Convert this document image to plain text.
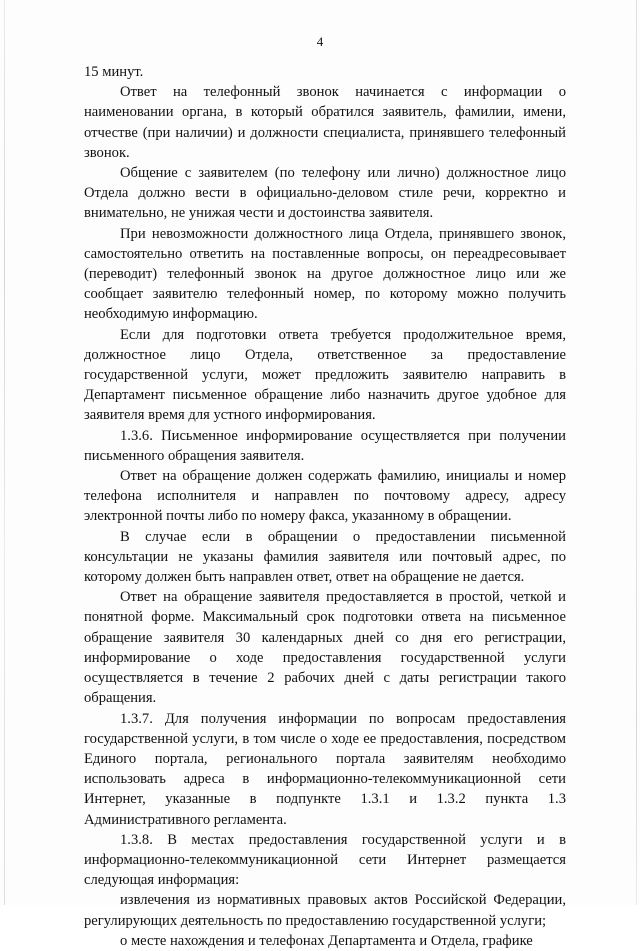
4

15 минут.

Ответ на телефонный звонок начинается с информации о наименовании органа, в который обратился заявитель, фамилии, имени, отчестве (при наличии) и должности специалиста, принявшего телефонный звонок.

Общение с заявителем (по телефону или лично) должностное лицо Отдела должно вести в официально-деловом стиле речи, корректно и внимательно, не унижая чести и достоинства заявителя.

При невозможности должностного лица Отдела, принявшего звонок, самостоятельно ответить на поставленные вопросы, он переадресовывает (переводит) телефонный звонок на другое должностное лицо или же сообщает заявителю телефонный номер, по которому можно получить необходимую информацию.

Если для подготовки ответа требуется продолжительное время, должностное лицо Отдела, ответственное за предоставление государственной услуги, может предложить заявителю направить в Департамент письменное обращение либо назначить другое удобное для заявителя время для устного информирования.

1.3.6. Письменное информирование осуществляется при получении письменного обращения заявителя.

Ответ на обращение должен содержать фамилию, инициалы и номер телефона исполнителя и направлен по почтовому адресу, адресу электронной почты либо по номеру факса, указанному в обращении.

В случае если в обращении о предоставлении письменной консультации не указаны фамилия заявителя или почтовый адрес, по которому должен быть направлен ответ, ответ на обращение не дается.

Ответ на обращение заявителя предоставляется в простой, четкой и понятной форме. Максимальный срок подготовки ответа на письменное обращение заявителя 30 календарных дней со дня его регистрации, информирование о ходе предоставления государственной услуги осуществляется в течение 2 рабочих дней с даты регистрации такого обращения.

1.3.7. Для получения информации по вопросам предоставления государственной услуги, в том числе о ходе ее предоставления, посредством Единого портала, регионального портала заявителям необходимо использовать адреса в информационно-телекоммуникационной сети Интернет, указанные в подпункте 1.3.1 и 1.3.2 пункта 1.3 Административного регламента.

1.3.8. В местах предоставления государственной услуги и в информационно-телекоммуникационной сети Интернет размещается следующая информация:

извлечения из нормативных правовых актов Российской Федерации, регулирующих деятельность по предоставлению государственной услуги;

о месте нахождения и телефонах Департамента и Отдела, графике
